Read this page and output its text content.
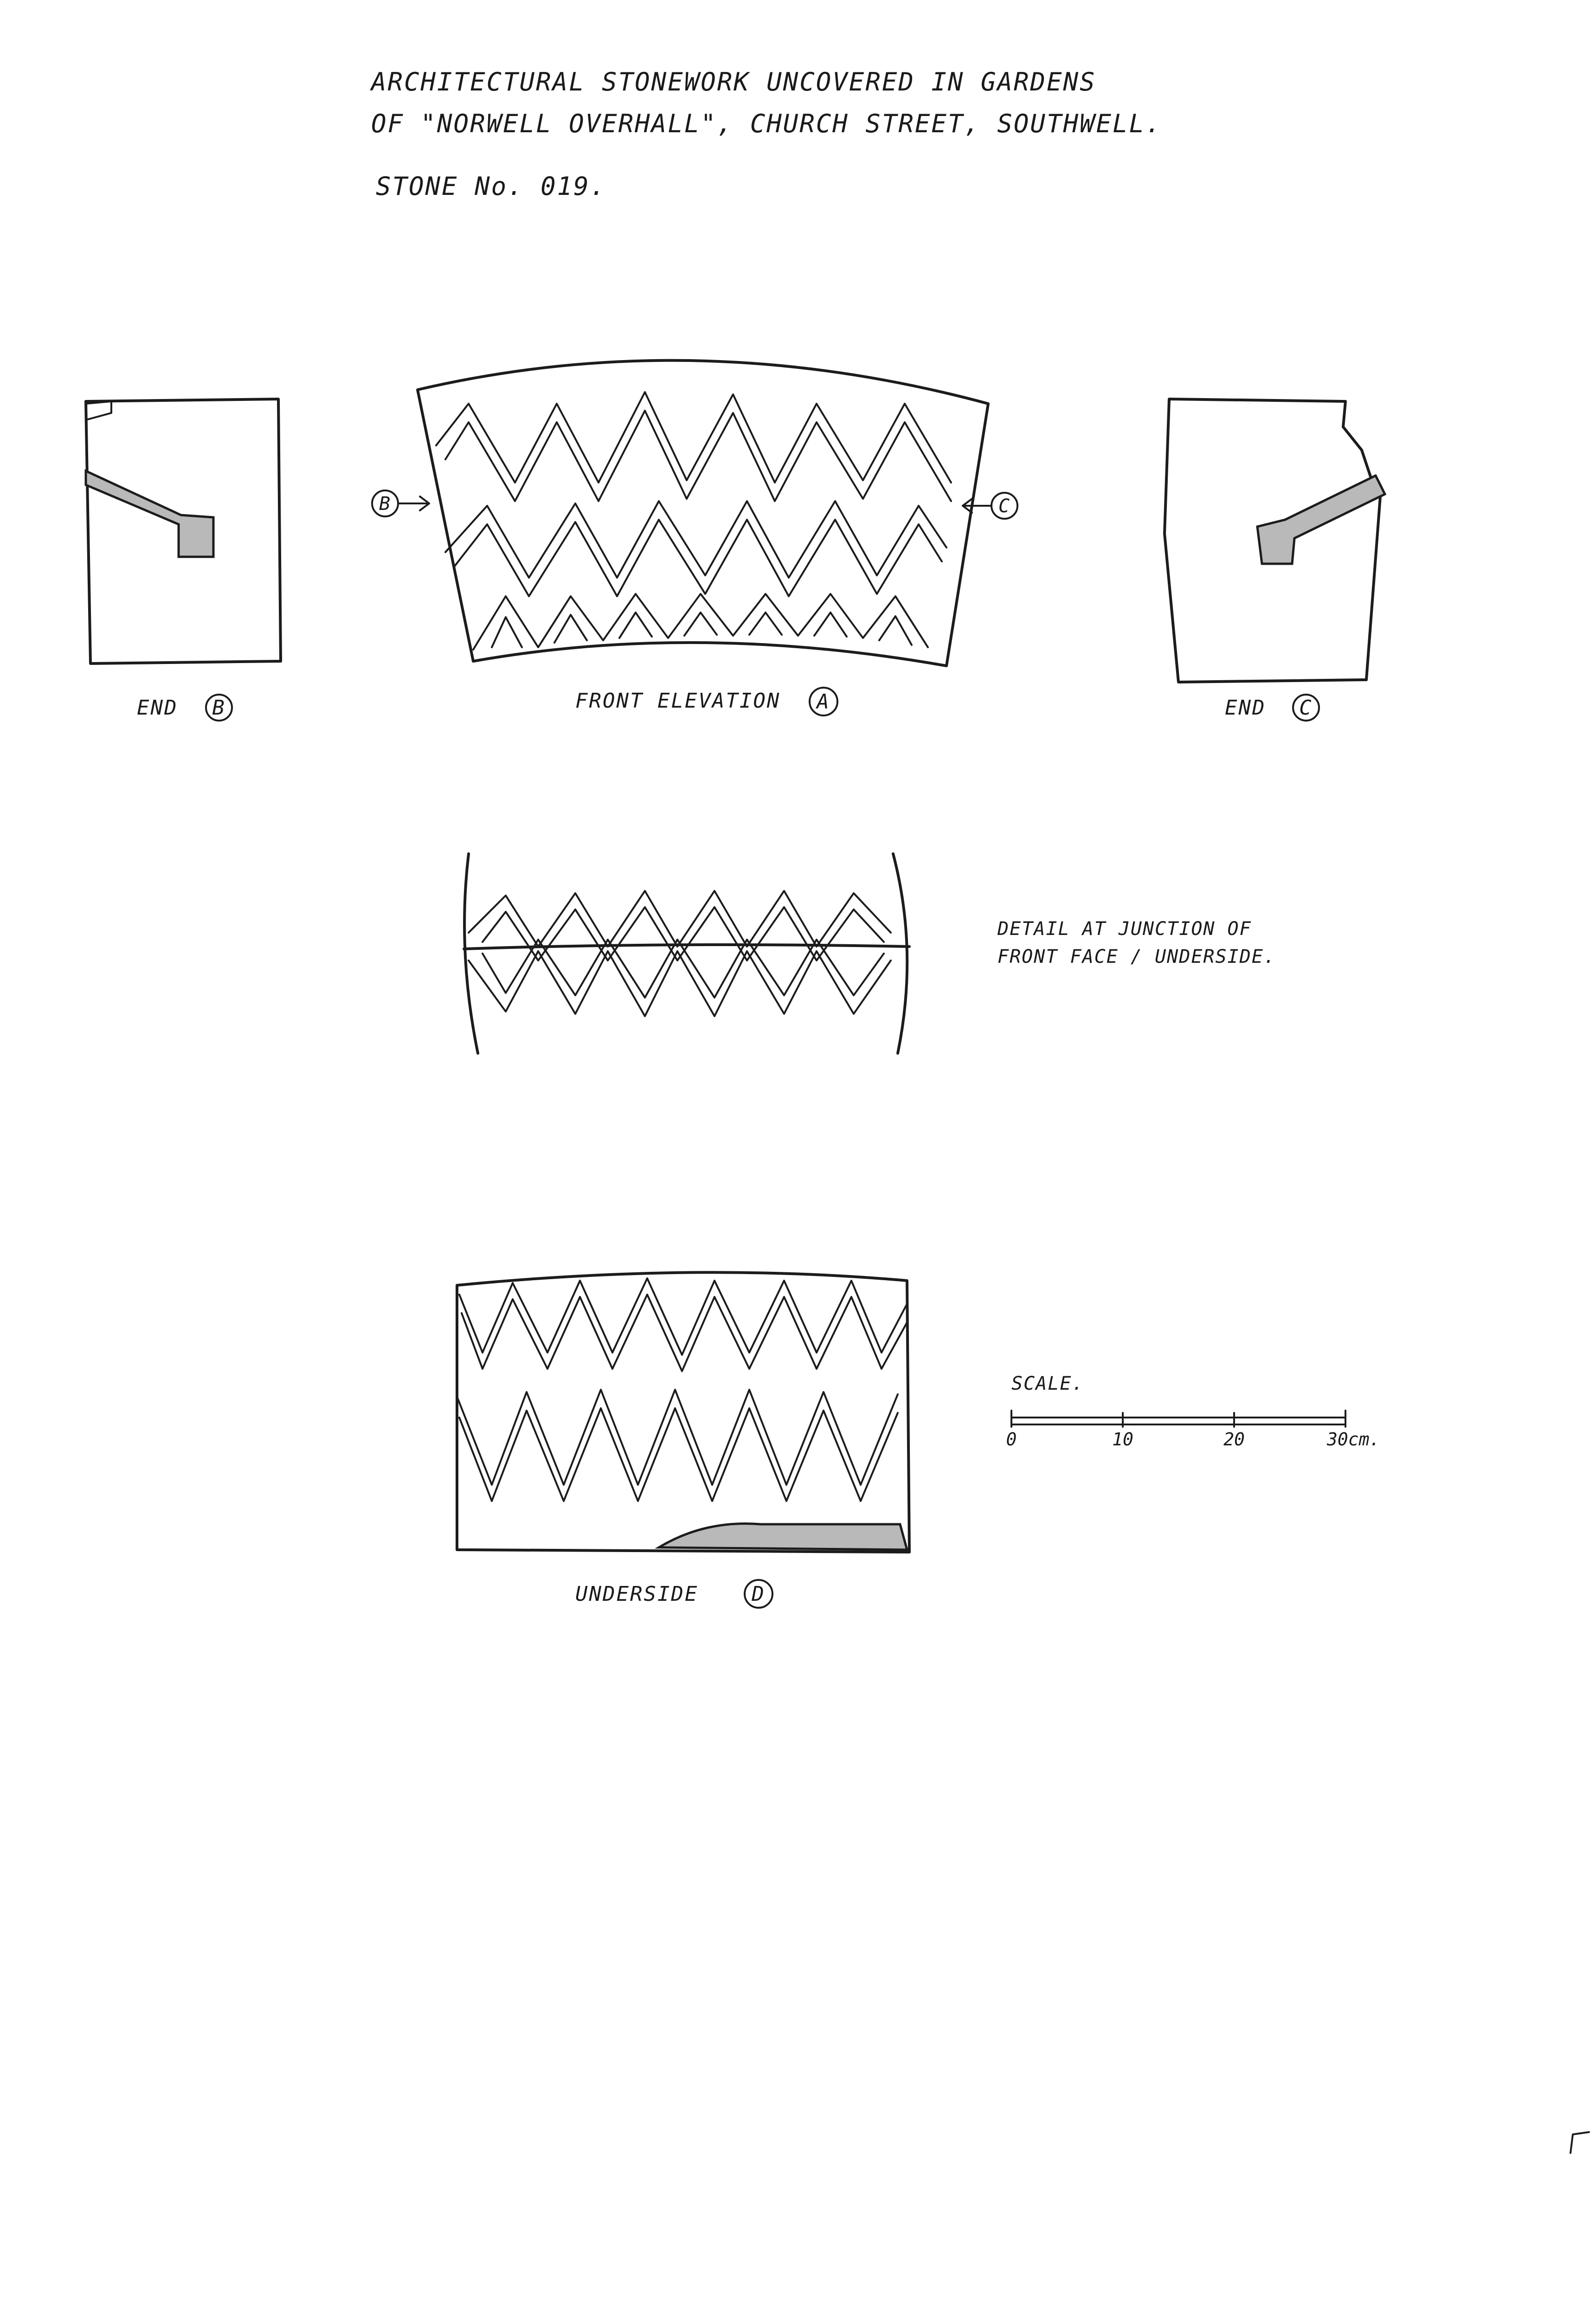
ARCHITECTURAL STONEWORK UNCOVERED IN GARDENS
OF "NORWELL OVERHALL", CHURCH STREET, SOUTHWELL.
STONE No. 019.
END B
B	C
FRONT ELEVATION A	END C
DETAIL AT JUNCTION OF
FRONT FACE / UNDERSIDE.
UNDERSIDE	D
SCALE.
0	10	20	30cm.
